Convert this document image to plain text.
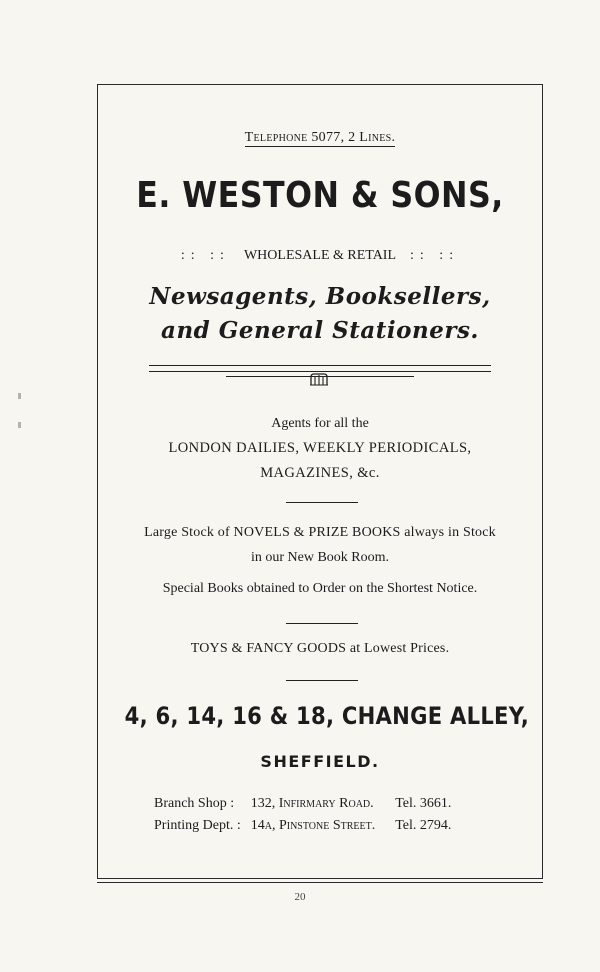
Telephone 5077, 2 Lines.
E. WESTON & SONS,
:: :: WHOLESALE & RETAIL :: ::
Newsagents, Booksellers,
and General Stationers.
Agents for all the
LONDON DAILIES, WEEKLY PERIODICALS,
MAGAZINES, &c.
Large Stock of NOVELS & PRIZE BOOKS always in Stock
in our New Book Room.
Special Books obtained to Order on the Shortest Notice.
TOYS & FANCY GOODS at Lowest Prices.
4, 6, 14, 16 & 18, CHANGE ALLEY,
SHEFFIELD.
Branch Shop :	132, Infirmary Road.	Tel. 3661.
Printing Dept. :	14a, Pinstone Street.	Tel. 2794.
20
